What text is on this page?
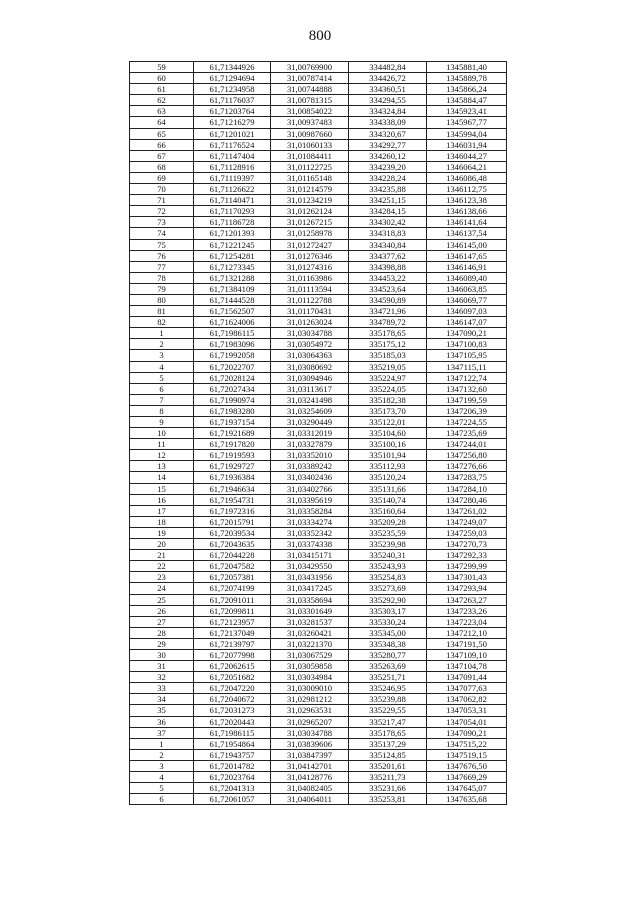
800
59	61,71344926	31,00769900	334482,84	1345881,40
60	61,71294694	31,00787414	334426,72	1345889,78
61	61,71234958	31,00744888	334360,51	1345866,24
62	61,71176037	31,00781315	334294,55	1345884,47
63	61,71203764	31,00854022	334324,84	1345923,41
64	61,71216279	31,00937483	334338,09	1345967,77
65	61,71201021	31,00987660	334320,67	1345994,04
66	61,71176524	31,01060133	334292,77	1346031,94
67	61,71147404	31,01084411	334260,12	1346044,27
68	61,71128916	31,01122725	334239,20	1346064,21
69	61,71119397	31,01165148	334228,24	1346086,48
70	61,71126622	31,01214579	334235,88	1346112,75
71	61,71140471	31,01234219	334251,15	1346123,38
72	61,71170293	31,01262124	334284,15	1346138,66
73	61,71186728	31,01267215	334302,42	1346141,64
74	61,71201393	31,01258978	334318,83	1346137,54
75	61,71221245	31,01272427	334340,84	1346145,00
76	61,71254281	31,01276346	334377,62	1346147,65
77	61,71273345	31,01274316	334398,88	1346146,91
78	61,71321288	31,01163986	334453,22	1346089,40
79	61,71384109	31,01113594	334523,64	1346063,85
80	61,71444528	31,01122788	334590,89	1346069,77
81	61,71562507	31,01170431	334721,96	1346097,03
82	61,71624006	31,01263024	334789,72	1346147,07
1	61,71986115	31,03034788	335178,65	1347090,21
2	61,71983096	31,03054972	335175,12	1347100,83
3	61,71992058	31,03064363	335185,03	1347105,95
4	61,72022707	31,03080692	335219,05	1347115,11
5	61,72028124	31,03094946	335224,97	1347122,74
6	61,72027434	31,03113617	335224,05	1347132,60
7	61,71990974	31,03241498	335182,38	1347199,59
8	61,71983280	31,03254609	335173,70	1347206,39
9	61,71937154	31,03290449	335122,01	1347224,55
10	61,71921689	31,03312019	335104,60	1347235,69
11	61,71917820	31,03327879	335100,16	1347244,01
12	61,71919593	31,03352010	335101,94	1347256,80
13	61,71929727	31,03389242	335112,93	1347276,66
14	61,71936384	31,03402436	335120,24	1347283,75
15	61,71946634	31,03402766	335131,66	1347284,10
16	61,71954731	31,03395619	335140,74	1347280,46
17	61,71972316	31,03358284	335160,64	1347261,02
18	61,72015791	31,03334274	335209,28	1347249,07
19	61,72039534	31,03352342	335235,59	1347259,03
20	61,72043635	31,03374338	335239,98	1347270,73
21	61,72044228	31,03415171	335240,31	1347292,33
22	61,72047582	31,03429550	335243,93	1347299,99
23	61,72057381	31,03431956	335254,83	1347301,43
24	61,72074199	31,03417245	335273,69	1347293,94
25	61,72091011	31,03358694	335292,90	1347263,27
26	61,72099811	31,03301649	335303,17	1347233,26
27	61,72123957	31,03281537	335330,24	1347223,04
28	61,72137049	31,03260421	335345,00	1347212,10
29	61,72139797	31,03221370	335348,38	1347191,50
30	61,72077998	31,03067529	335280,77	1347109,10
31	61,72062615	31,03059858	335263,69	1347104,78
32	61,72051682	31,03034984	335251,71	1347091,44
33	61,72047220	31,03009010	335246,95	1347077,63
34	61,72040672	31,02981212	335239,88	1347062,82
35	61,72031273	31,02963531	335229,55	1347053,31
36	61,72020443	31,02965207	335217,47	1347054,01
37	61,71986115	31,03034788	335178,65	1347090,21
1	61,71954864	31,03839606	335137,29	1347515,22
2	61,71943757	31,03847397	335124,85	1347519,15
3	61,72014782	31,04142701	335201,61	1347676,50
4	61,72023764	31,04128776	335211,73	1347669,29
5	61,72041313	31,04082405	335231,66	1347645,07
6	61,72061057	31,04064011	335253,81	1347635,68
